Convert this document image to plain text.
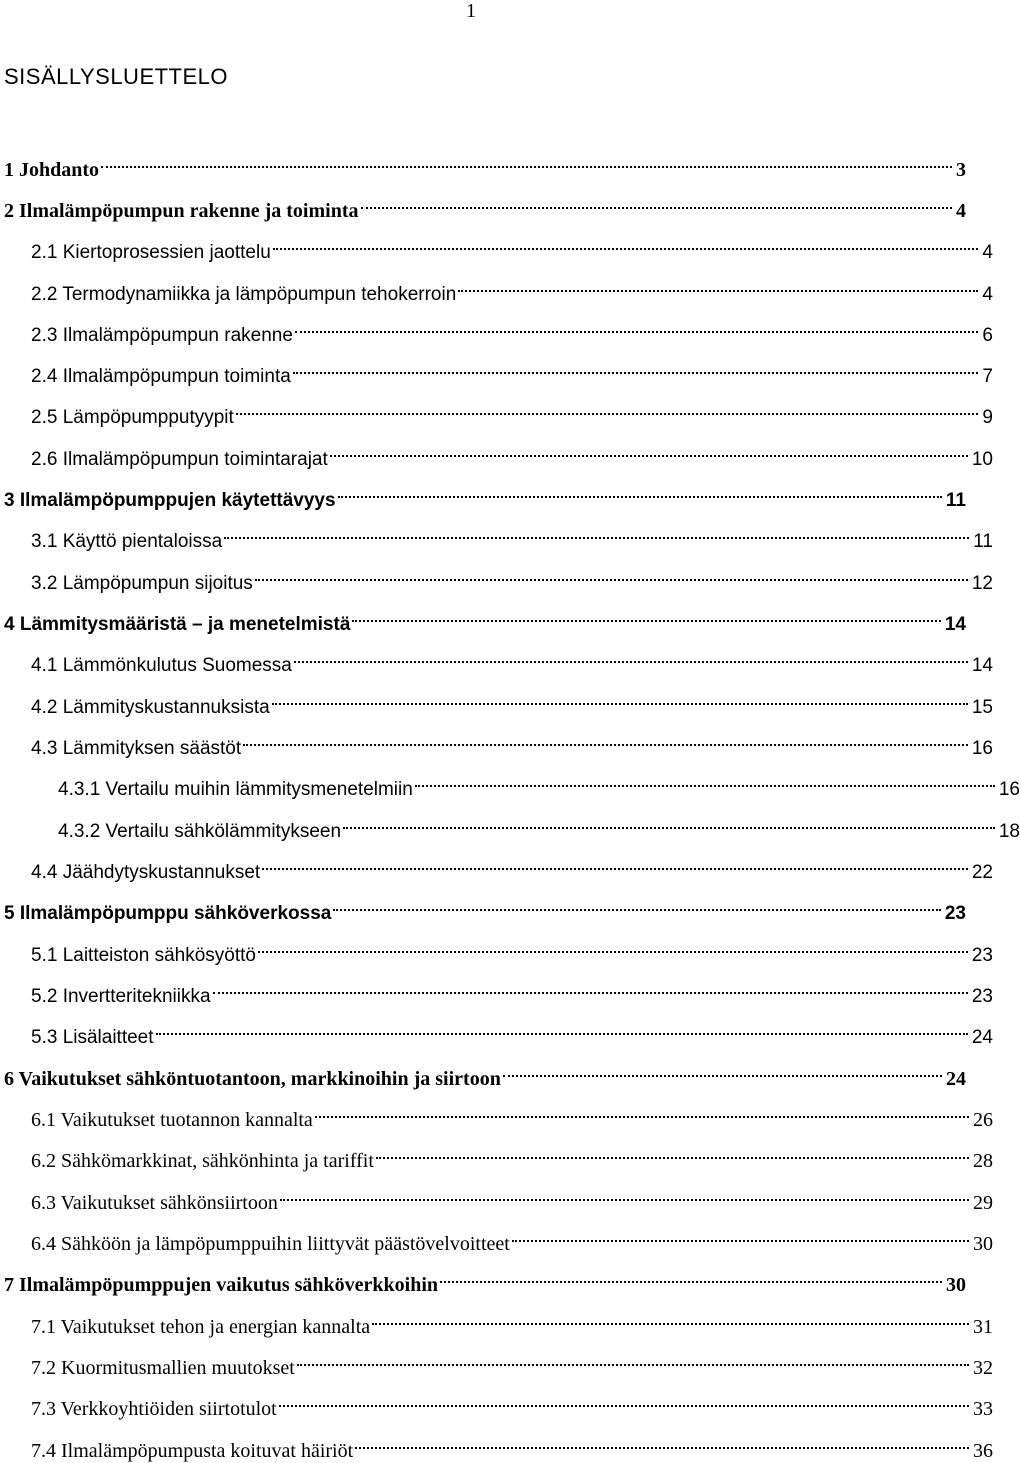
1
SISÄLLYSLUETTELO
1 Johdanto	3
2 Ilmalämpöpumpun rakenne ja toiminta	4
2.1 Kiertoprosessien jaottelu	4
2.2 Termodynamiikka ja lämpöpumpun tehokerroin	4
2.3 Ilmalämpöpumpun rakenne	6
2.4 Ilmalämpöpumpun toiminta	7
2.5 Lämpöpumpputyypit	9
2.6 Ilmalämpöpumpun toimintarajat	10
3 Ilmalämpöpumppujen käytettävyys	11
3.1 Käyttö pientaloissa	11
3.2 Lämpöpumpun sijoitus	12
4 Lämmitysmääristä – ja menetelmistä	14
4.1 Lämmönkulutus Suomessa	14
4.2 Lämmityskustannuksista	15
4.3 Lämmityksen säästöt	16
4.3.1 Vertailu muihin lämmitysmenetelmiin	16
4.3.2 Vertailu sähkölämmitykseen	18
4.4 Jäähdytyskustannukset	22
5 Ilmalämpöpumppu sähköverkossa	23
5.1 Laitteiston sähkösyöttö	23
5.2 Invertteritekniikka	23
5.3 Lisälaitteet	24
6 Vaikutukset sähköntuotantoon, markkinoihin ja siirtoon	24
6.1 Vaikutukset tuotannon kannalta	26
6.2 Sähkömarkkinat, sähkönhinta ja tariffit	28
6.3 Vaikutukset sähkönsiirtoon	29
6.4 Sähköön ja lämpöpumppuihin liittyvät päästövelvoitteet	30
7 Ilmalämpöpumppujen vaikutus sähköverkkoihin	30
7.1 Vaikutukset tehon ja energian kannalta	31
7.2 Kuormitusmallien muutokset	32
7.3 Verkkoyhtiöiden siirtotulot	33
7.4 Ilmalämpöpumpusta koituvat häiriöt	36
